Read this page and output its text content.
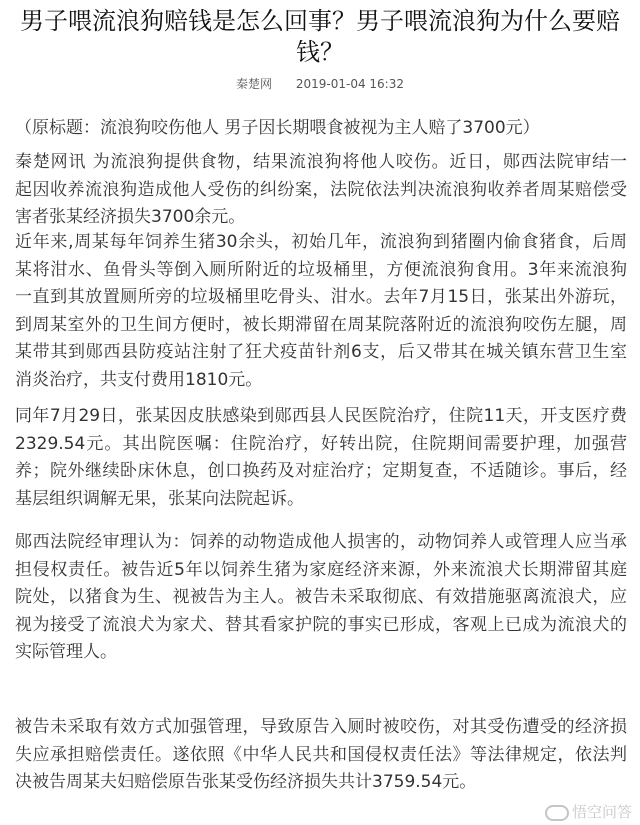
男子喂流浪狗赔钱是怎么回事？男子喂流浪狗为什么要赔
钱？
秦楚网 2019-01-04 16:32
（原标题：流浪狗咬伤他人 男子因长期喂食被视为主人赔了3700元）
秦楚网讯 为流浪狗提供食物，结果流浪狗将他人咬伤。近日，郧西法院审结一
起因收养流浪狗造成他人受伤的纠纷案，法院依法判决流浪狗收养者周某赔偿受
害者张某经济损失3700余元。
近年来,周某每年饲养生猪30余头，初始几年，流浪狗到猪圈内偷食猪食，后周
某将泔水、鱼骨头等倒入厕所附近的垃圾桶里，方便流浪狗食用。3年来流浪狗
一直到其放置厕所旁的垃圾桶里吃骨头、泔水。去年7月15日，张某出外游玩，
到周某室外的卫生间方便时，被长期滞留在周某院落附近的流浪狗咬伤左腿，周
某带其到郧西县防疫站注射了狂犬疫苗针剂6支，后又带其在城关镇东营卫生室
消炎治疗，共支付费用1810元。
同年7月29日，张某因皮肤感染到郧西县人民医院治疗，住院11天，开支医疗费
2329.54元。其出院医嘱：住院治疗，好转出院，住院期间需要护理，加强营
养；院外继续卧床休息，创口换药及对症治疗；定期复查，不适随诊。事后，经
基层组织调解无果，张某向法院起诉。
郧西法院经审理认为：饲养的动物造成他人损害的，动物饲养人或管理人应当承
担侵权责任。被告近5年以饲养生猪为家庭经济来源，外来流浪犬长期滞留其庭
院处，以猪食为生、视被告为主人。被告未采取彻底、有效措施驱离流浪犬，应
视为接受了流浪犬为家犬、替其看家护院的事实已形成，客观上已成为流浪犬的
实际管理人。
被告未采取有效方式加强管理，导致原告入厕时被咬伤，对其受伤遭受的经济损
失应承担赔偿责任。遂依照《中华人民共和国侵权责任法》等法律规定，依法判
决被告周某夫妇赔偿原告张某受伤经济损失共计3759.54元。
悟空问答
